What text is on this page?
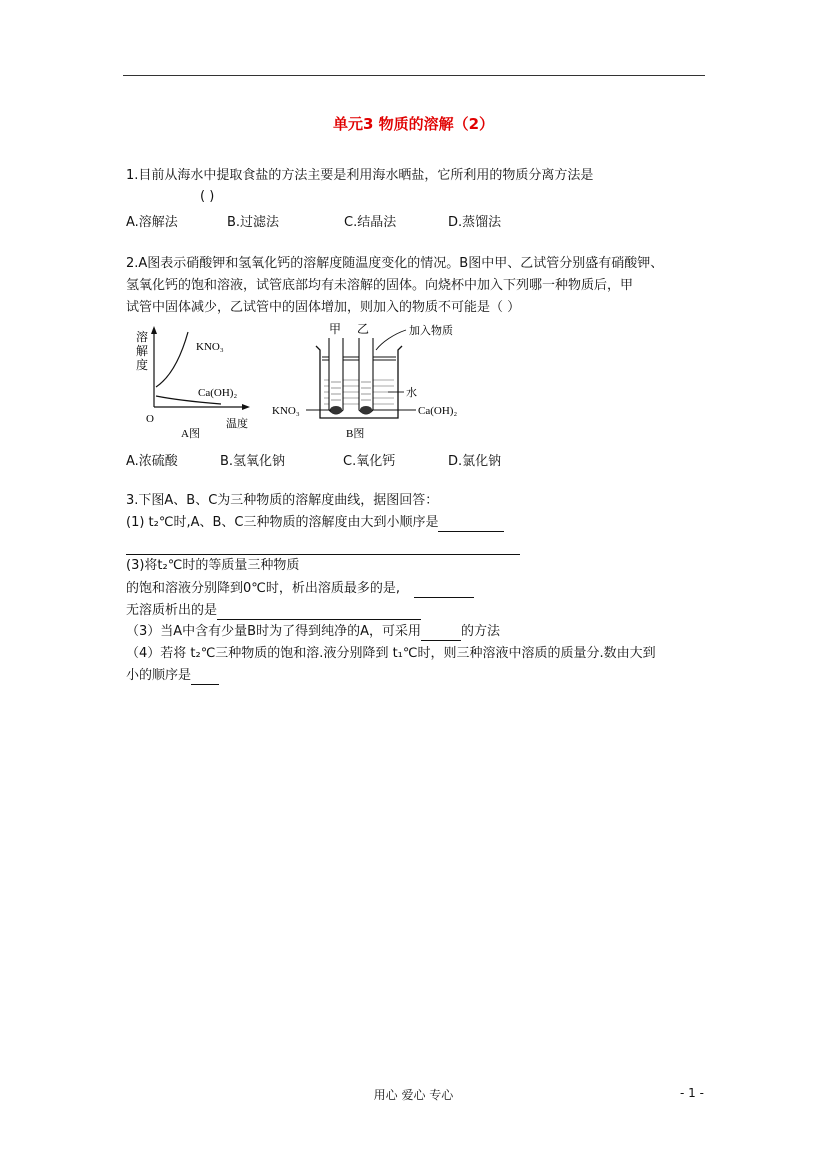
单元3 物质的溶解（2）
1.目前从海水中提取食盐的方法主要是利用海水晒盐，它所利用的物质分离方法是
( )
A.溶解法	B.过滤法	C.结晶法	D.蒸馏法
2.A图表示硝酸钾和氢氧化钙的溶解度随温度变化的情况。B图中甲、乙试管分别盛有硝酸钾、
氢氧化钙的饱和溶液，试管底部均有未溶解的固体。向烧杯中加入下列哪一种物质后，甲
试管中固体减少，乙试管中的固体增加，则加入的物质不可能是（ ）
溶
解
度
KNO₃
Ca(OH)₂
O	温度
A图
甲 乙	加入物质
水
KNO₃	Ca(OH)₂
B图
A.浓硫酸	B.氢氧化钠	C.氧化钙	D.氯化钠
3.下图A、B、C为三种物质的溶解度曲线，据图回答：
(1) t₂℃时,A、B、C三种物质的溶解度由大到小顺序是
(3)将t₂℃时的等质量三种物质
的饱和溶液分别降到0℃时，析出溶质最多的是,
无溶质析出的是
（3）当A中含有少量B时为了得到纯净的A，可采用	的方法
（4）若将 t₂℃三种物质的饱和溶.液分别降到 t₁℃时，则三种溶液中溶质的质量分.数由大到
小的顺序是
用心 爱心 专心	- 1 -
